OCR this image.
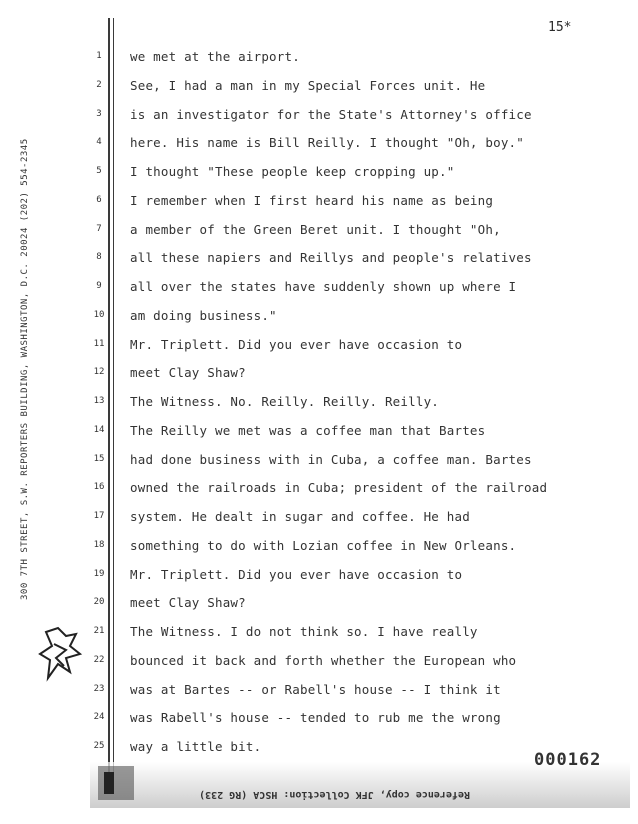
15*
300 7TH STREET, S.W. REPORTERS BUILDING, WASHINGTON, D.C. 20024 (202) 554-2345
1	we met at the airport.
2	See, I had a man in my Special Forces unit. He
3	is an investigator for the State's Attorney's office
4	here. His name is Bill Reilly. I thought "Oh, boy."
5	I thought "These people keep cropping up."
6	I remember when I first heard his name as being
7	a member of the Green Beret unit. I thought "Oh,
8	all these napiers and Reillys and people's relatives
9	all over the states have suddenly shown up where I
10	am doing business."
11	Mr. Triplett. Did you ever have occasion to
12	meet Clay Shaw?
13	The Witness. No. Reilly. Reilly. Reilly.
14	The Reilly we met was a coffee man that Bartes
15	had done business with in Cuba, a coffee man. Bartes
16	owned the railroads in Cuba; president of the railroad
17	system. He dealt in sugar and coffee. He had
18	something to do with Lozian coffee in New Orleans.
19	Mr. Triplett. Did you ever have occasion to
20	meet Clay Shaw?
21	The Witness. I do not think so. I have really
22	bounced it back and forth whether the European who
23	was at Bartes -- or Rabell's house -- I think it
24	was Rabell's house -- tended to rub me the wrong
25	way a little bit.
000162
Reference copy, JFK Collection: HSCA (RG 233)
